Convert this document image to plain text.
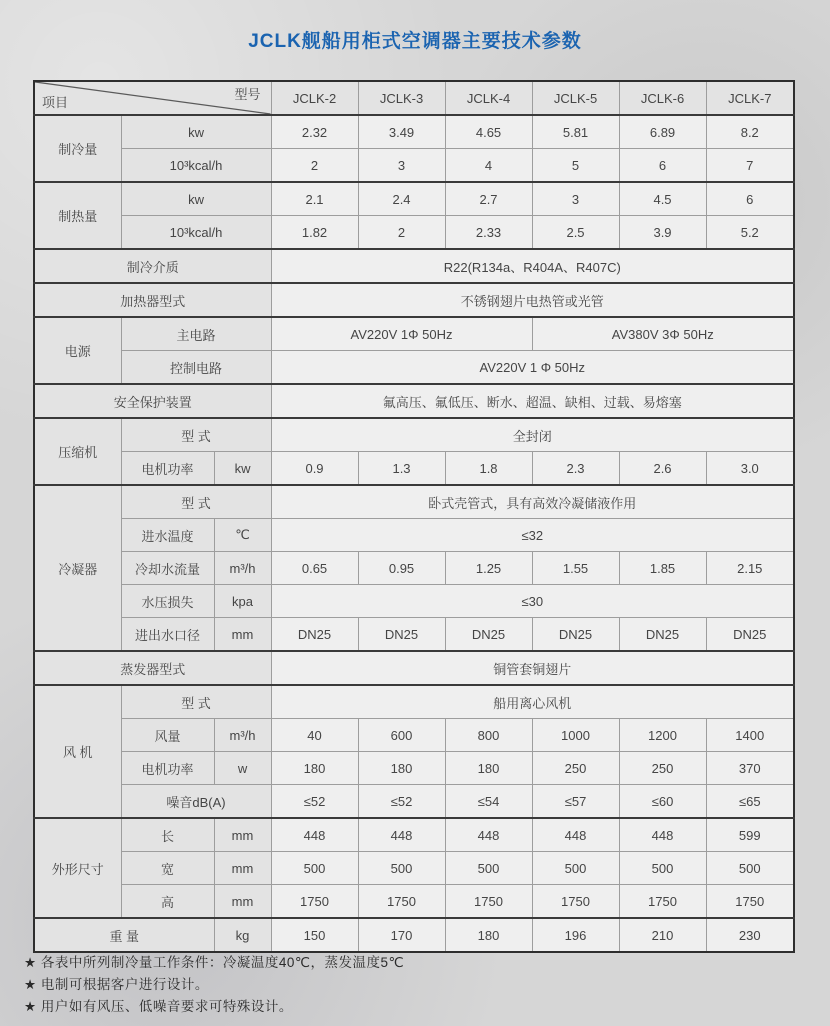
JCLK舰船用柜式空调器主要技术参数
项目
型号			JCLK-2	JCLK-3	JCLK-4	JCLK-5	JCLK-6	JCLK-7
制冷量	kw		2.32	3.49	4.65	5.81	6.89	8.2
	10³kcal/h		2	3	4	5	6	7
制热量	kw		2.1	2.4	2.7	3	4.5	6
	10³kcal/h		1.82	2	2.33	2.5	3.9	5.2
制冷介质			R22(R134a、R404A、R407C)					
加热器型式			不锈钢翅片电热管或光管					
电源	主电路		AV220V 1Φ 50Hz			AV380V 3Φ 50Hz		
	控制电路		AV220V 1 Φ 50Hz					
安全保护装置			氟高压、氟低压、断水、超温、缺相、过载、易熔塞					
压缩机	型 式		全封闭					
	电机功率	kw	0.9	1.3	1.8	2.3	2.6	3.0
冷凝器	型 式		卧式壳管式，具有高效冷凝储液作用					
	进水温度	℃	≤32					
	冷却水流量	m³/h	0.65	0.95	1.25	1.55	1.85	2.15
	水压损失	kpa	≤30					
	进出水口径	mm	DN25	DN25	DN25	DN25	DN25	DN25
蒸发器型式			铜管套铜翅片					
风 机	型 式		船用离心风机					
	风量	m³/h	40	600	800	1000	1200	1400
	电机功率	w	180	180	180	250	250	370
	噪音dB(A)		≤52	≤52	≤54	≤57	≤60	≤65
外形尺寸	长	mm	448	448	448	448	448	599
	宽	mm	500	500	500	500	500	500
	高	mm	1750	1750	1750	1750	1750	1750
重 量		kg	150	170	180	196	210	230
★ 各表中所列制冷量工作条件：冷凝温度40℃，蒸发温度5℃
★ 电制可根据客户进行设计。
★ 用户如有风压、低噪音要求可特殊设计。
